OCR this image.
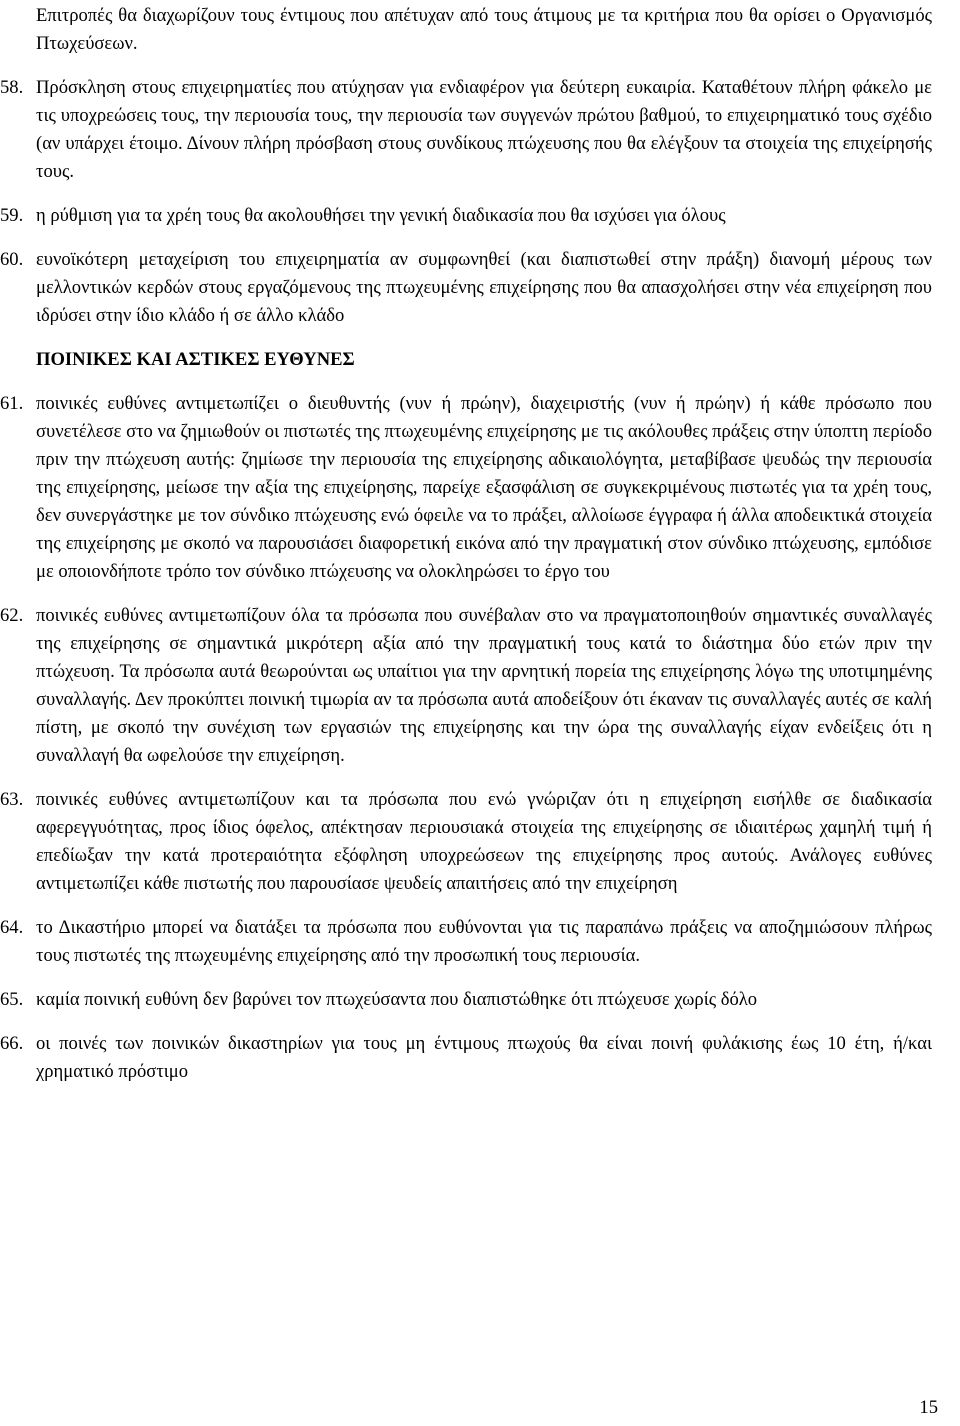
Επιτροπές θα διαχωρίζουν τους έντιμους που απέτυχαν από τους άτιμους με τα κριτήρια που θα ορίσει ο Οργανισμός Πτωχεύσεων.

58. Πρόσκληση στους επιχειρηματίες που ατύχησαν για ενδιαφέρον για δεύτερη ευκαιρία. Καταθέτουν πλήρη φάκελο με τις υποχρεώσεις τους, την περιουσία τους, την περιουσία των συγγενών πρώτου βαθμού, το επιχειρηματικό τους σχέδιο (αν υπάρχει έτοιμο. Δίνουν πλήρη πρόσβαση στους συνδίκους πτώχευσης που θα ελέγξουν τα στοιχεία της επιχείρησής τους.
59. η ρύθμιση για τα χρέη τους θα ακολουθήσει την γενική διαδικασία που θα ισχύσει για όλους
60. ευνοϊκότερη μεταχείριση του επιχειρηματία αν συμφωνηθεί (και διαπιστωθεί στην πράξη) διανομή μέρους των μελλοντικών κερδών στους εργαζόμενους της πτωχευμένης επιχείρησης που θα απασχολήσει στην νέα επιχείρηση που ιδρύσει στην ίδιο κλάδο ή σε άλλο κλάδο

ΠΟΙΝΙΚΕΣ ΚΑΙ ΑΣΤΙΚΕΣ ΕΥΘΥΝΕΣ

61. ποινικές ευθύνες αντιμετωπίζει ο διευθυντής (νυν ή πρώην), διαχειριστής (νυν ή πρώην) ή κάθε πρόσωπο που συνετέλεσε στο να ζημιωθούν οι πιστωτές της πτωχευμένης επιχείρησης με τις ακόλουθες πράξεις στην ύποπτη περίοδο πριν την πτώχευση αυτής: ζημίωσε την περιουσία της επιχείρησης αδικαιολόγητα, μεταβίβασε ψευδώς την περιουσία της επιχείρησης, μείωσε την αξία της επιχείρησης, παρείχε εξασφάλιση σε συγκεκριμένους πιστωτές για τα χρέη τους, δεν συνεργάστηκε με τον σύνδικο πτώχευσης ενώ όφειλε να το πράξει, αλλοίωσε έγγραφα ή άλλα αποδεικτικά στοιχεία της επιχείρησης με σκοπό να παρουσιάσει διαφορετική εικόνα από την πραγματική στον σύνδικο πτώχευσης, εμπόδισε με οποιονδήποτε τρόπο τον σύνδικο πτώχευσης να ολοκληρώσει το έργο του
62. ποινικές ευθύνες αντιμετωπίζουν όλα τα πρόσωπα που συνέβαλαν στο να πραγματοποιηθούν σημαντικές συναλλαγές της επιχείρησης σε σημαντικά μικρότερη αξία από την πραγματική τους κατά το διάστημα δύο ετών πριν την πτώχευση. Τα πρόσωπα αυτά θεωρούνται ως υπαίτιοι για την αρνητική πορεία της επιχείρησης λόγω της υποτιμημένης συναλλαγής. Δεν προκύπτει ποινική τιμωρία αν τα πρόσωπα αυτά αποδείξουν ότι έκαναν τις συναλλαγές αυτές σε καλή πίστη, με σκοπό την συνέχιση των εργασιών της επιχείρησης και την ώρα της συναλλαγής είχαν ενδείξεις ότι η συναλλαγή θα ωφελούσε την επιχείρηση.
63. ποινικές ευθύνες αντιμετωπίζουν και τα πρόσωπα που ενώ γνώριζαν ότι η επιχείρηση εισήλθε σε διαδικασία αφερεγγυότητας, προς ίδιος όφελος, απέκτησαν περιουσιακά στοιχεία της επιχείρησης σε ιδιαιτέρως χαμηλή τιμή ή επεδίωξαν την κατά προτεραιότητα εξόφληση υποχρεώσεων της επιχείρησης προς αυτούς. Ανάλογες ευθύνες αντιμετωπίζει κάθε πιστωτής που παρουσίασε ψευδείς απαιτήσεις από την επιχείρηση
64. το Δικαστήριο μπορεί να διατάξει τα πρόσωπα που ευθύνονται για τις παραπάνω πράξεις να αποζημιώσουν πλήρως τους πιστωτές της πτωχευμένης επιχείρησης από την προσωπική τους περιουσία.
65. καμία ποινική ευθύνη δεν βαρύνει τον πτωχεύσαντα που διαπιστώθηκε ότι πτώχευσε χωρίς δόλο
66. οι ποινές των ποινικών δικαστηρίων για τους μη έντιμους πτωχούς θα είναι ποινή φυλάκισης έως 10 έτη, ή/και χρηματικό πρόστιμο
15
